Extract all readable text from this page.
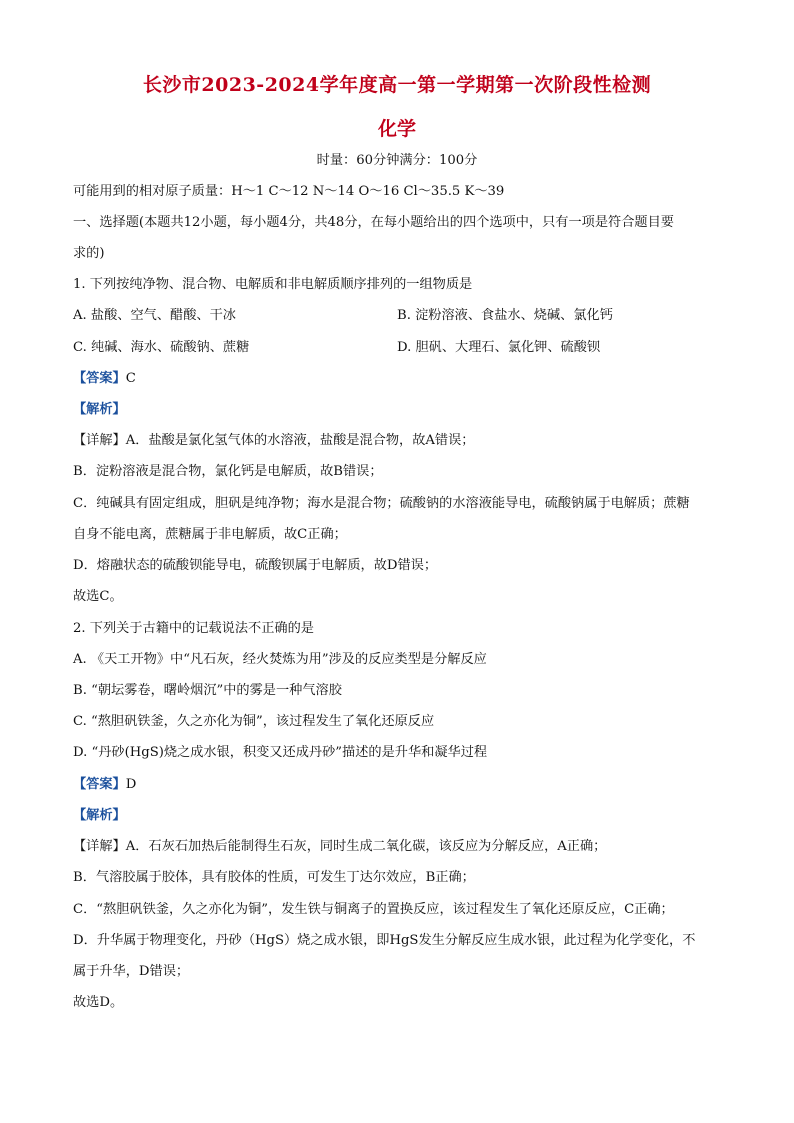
长沙市2023-2024学年度高一第一学期第一次阶段性检测
化学
时量：60分钟满分：100分
可能用到的相对原子质量：H～1 C～12 N～14 O～16 Cl～35.5 K～39
一、选择题(本题共12小题，每小题4分，共48分，在每小题给出的四个选项中，只有一项是符合题目要
求的)
1. 下列按纯净物、混合物、电解质和非电解质顺序排列的一组物质是
A. 盐酸、空气、醋酸、干冰	B. 淀粉溶液、食盐水、烧碱、氯化钙
C. 纯碱、海水、硫酸钠、蔗糖	D. 胆矾、大理石、氯化钾、硫酸钡
【答案】C
【解析】
【详解】A．盐酸是氯化氢气体的水溶液，盐酸是混合物，故A错误；
B．淀粉溶液是混合物，氯化钙是电解质，故B错误；
C．纯碱具有固定组成，胆矾是纯净物；海水是混合物；硫酸钠的水溶液能导电，硫酸钠属于电解质；蔗糖
自身不能电离，蔗糖属于非电解质，故C正确；
D．熔融状态的硫酸钡能导电，硫酸钡属于电解质，故D错误；
故选C。
2. 下列关于古籍中的记载说法不正确的是
A. 《天工开物》中“凡石灰，经火焚炼为用”涉及的反应类型是分解反应
B. “朝坛雾卷，曙岭烟沉”中的雾是一种气溶胶
C. “熬胆矾铁釜，久之亦化为铜”，该过程发生了氧化还原反应
D. “丹砂(HgS)烧之成水银，积变又还成丹砂”描述的是升华和凝华过程
【答案】D
【解析】
【详解】A．石灰石加热后能制得生石灰，同时生成二氧化碳，该反应为分解反应，A正确；
B．气溶胶属于胶体，具有胶体的性质，可发生丁达尔效应，B正确；
C．“熬胆矾铁釜，久之亦化为铜”，发生铁与铜离子的置换反应，该过程发生了氧化还原反应，C正确；
D．升华属于物理变化，丹砂（HgS）烧之成水银，即HgS发生分解反应生成水银，此过程为化学变化，不
属于升华，D错误；
故选D。
